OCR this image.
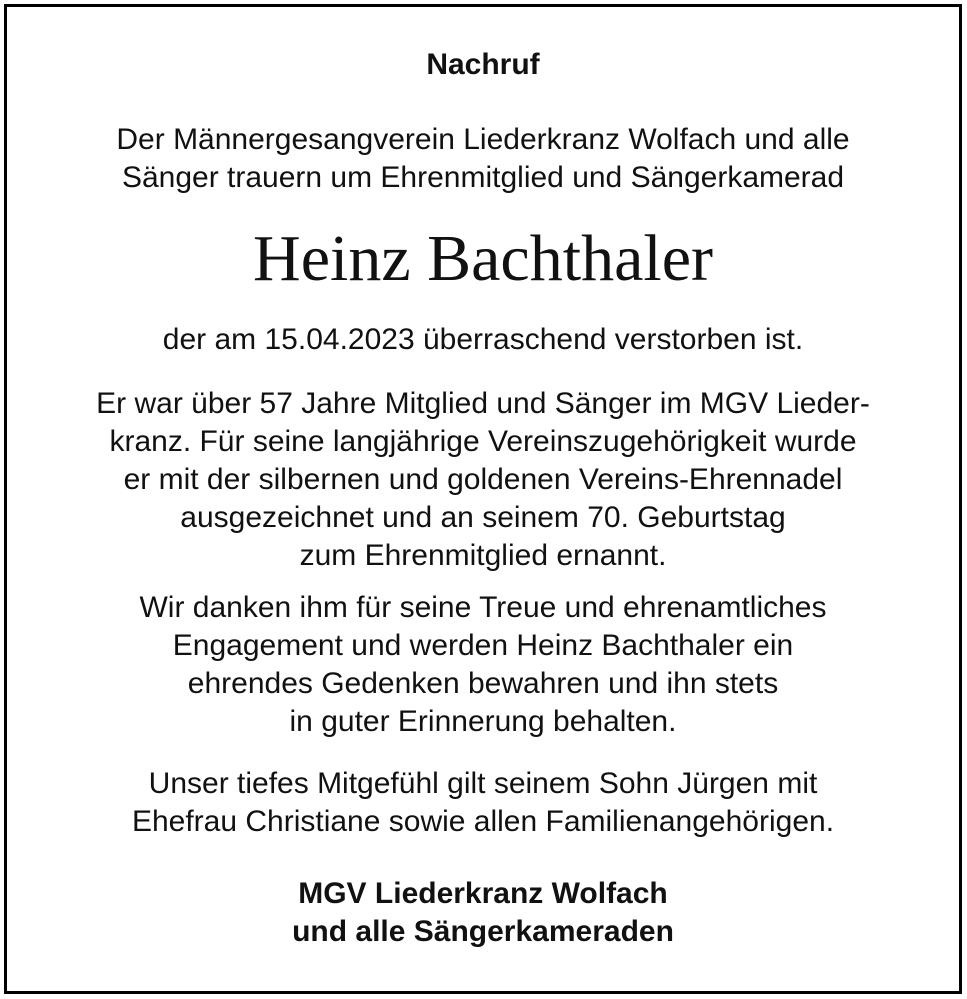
Nachruf
Der Männergesangverein Liederkranz Wolfach und alle
Sänger trauern um Ehrenmitglied und Sängerkamerad
Heinz Bachthaler
der am 15.04.2023 überraschend verstorben ist.
Er war über 57 Jahre Mitglied und Sänger im MGV Lieder-
kranz. Für seine langjährige Vereinszugehörigkeit wurde
er mit der silbernen und goldenen Vereins-Ehrennadel
ausgezeichnet und an seinem 70. Geburtstag
zum Ehrenmitglied ernannt.
Wir danken ihm für seine Treue und ehrenamtliches
Engagement und werden Heinz Bachthaler ein
ehrendes Gedenken bewahren und ihn stets
in guter Erinnerung behalten.
Unser tiefes Mitgefühl gilt seinem Sohn Jürgen mit
Ehefrau Christiane sowie allen Familienangehörigen.
MGV Liederkranz Wolfach
und alle Sängerkameraden
